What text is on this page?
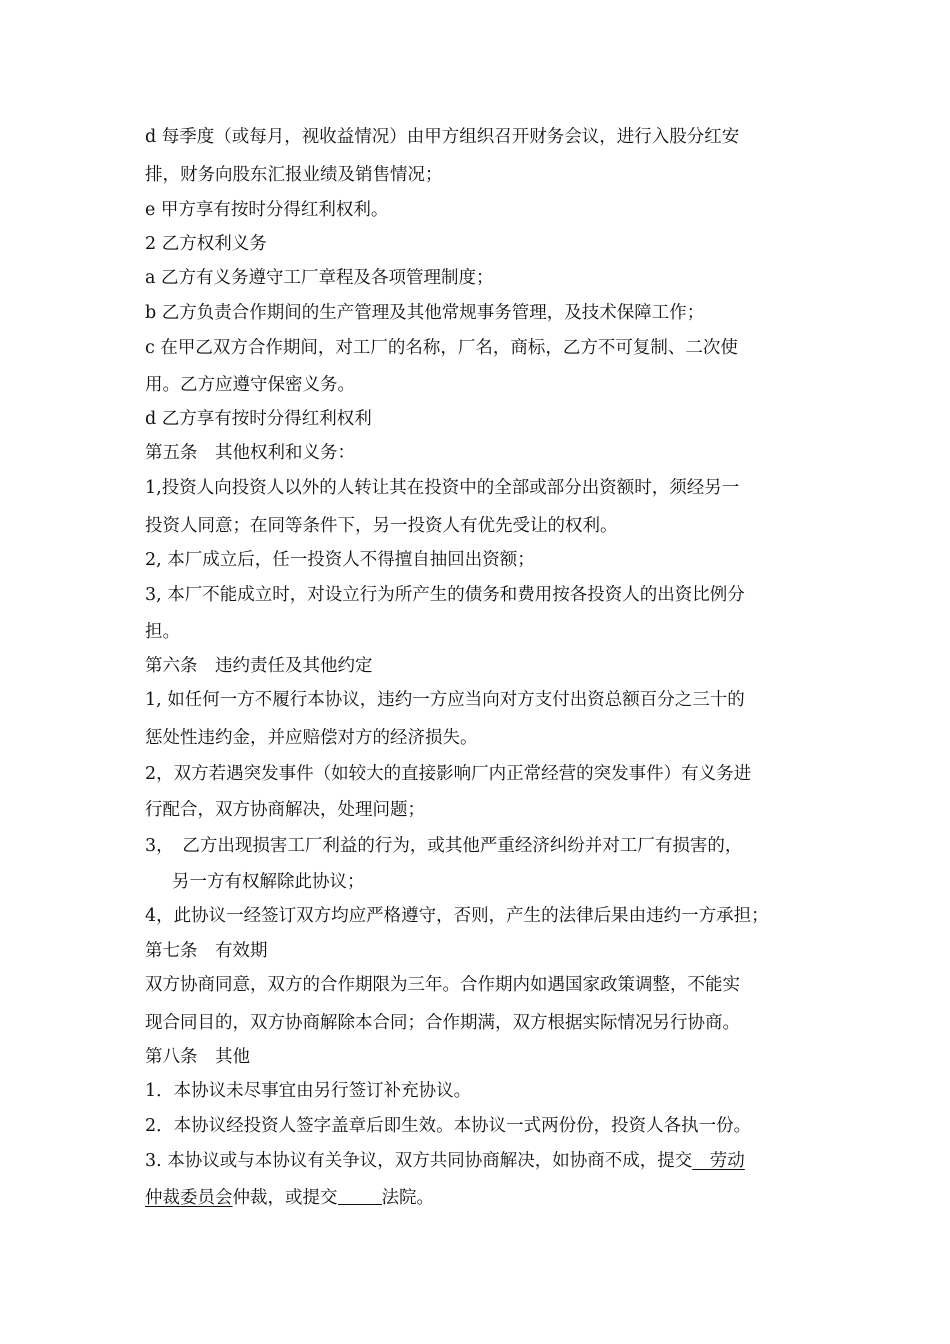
d 每季度（或每月，视收益情况）由甲方组织召开财务会议，进行入股分红安
排，财务向股东汇报业绩及销售情况；
e 甲方享有按时分得红利权利。
2 乙方权利义务
a 乙方有义务遵守工厂章程及各项管理制度；
b 乙方负责合作期间的生产管理及其他常规事务管理，及技术保障工作；
c 在甲乙双方合作期间，对工厂的名称，厂名，商标，乙方不可复制、二次使
用。乙方应遵守保密义务。
d 乙方享有按时分得红利权利
第五条　其他权利和义务：
1,投资人向投资人以外的人转让其在投资中的全部或部分出资额时，须经另一
投资人同意；在同等条件下，另一投资人有优先受让的权利。
2, 本厂成立后，任一投资人不得擅自抽回出资额；
3, 本厂不能成立时，对设立行为所产生的债务和费用按各投资人的出资比例分
担。
第六条　违约责任及其他约定
1, 如任何一方不履行本协议，违约一方应当向对方支付出资总额百分之三十的
惩处性违约金，并应赔偿对方的经济损失。
2，双方若遇突发事件（如较大的直接影响厂内正常经营的突发事件）有义务进
行配合，双方协商解决，处理问题；
3，　乙方出现损害工厂利益的行为，或其他严重经济纠纷并对工厂有损害的，
另一方有权解除此协议；
4，此协议一经签订双方均应严格遵守，否则，产生的法律后果由违约一方承担；
第七条　有效期
双方协商同意，双方的合作期限为三年。合作期内如遇国家政策调整，不能实
现合同目的，双方协商解除本合同；合作期满，双方根据实际情况另行协商。
第八条　其他
1．本协议未尽事宜由另行签订补充协议。
2．本协议经投资人签字盖章后即生效。本协议一式两份份，投资人各执一份。
3. 本协议或与本协议有关争议，双方共同协商解决，如协商不成，提交　劳动
仲裁委员会仲裁，或提交	法院。
